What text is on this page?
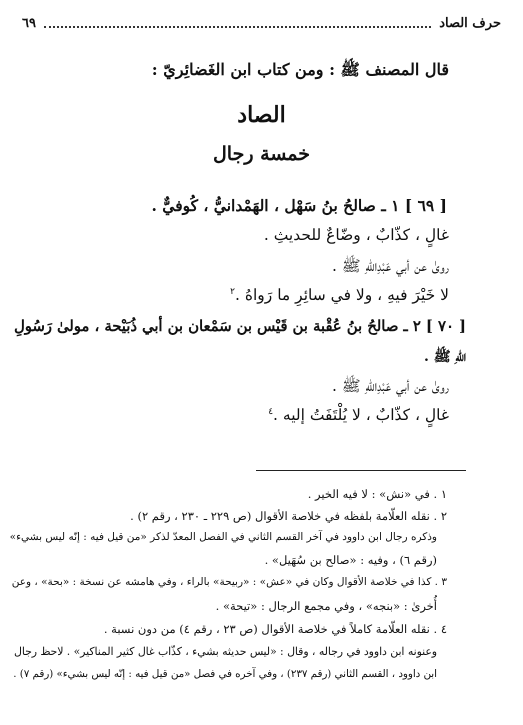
حرف الصاد
٦٩
قال المصنف ﷺ : ومن كتاب ابن الغَضائِريّ :
الصاد
خمسة رجال
[ ٦٩ ] ١ ـ صالحُ بنُ سَهْل ، الهَمْدانيُّ ، كُوفيٌّ .
غالٍ ، كذّابٌ ، وضّاعٌ للحديثِ .
روىٰ عن أبي عَبْدِاللهِ ﷺ .
لا خَيْرَ فيهِ ، ولا في سائِرِ ما رَواهُ .$^٢$
[ ٧٠ ] ٢ ـ صالحُ بنُ عُقْبة بن قَيْس بن سَمْعان بن أبي ذُبَيْحة ، مولىٰ رَسُولِ
اللهِ ﷺ .
روىٰ عن أبي عَبْدِاللهِ ﷺ .
غالٍ ، كذّابٌ ، لا يُلْتَفَتُ إليه .$^٤$
١ . في «نش» : لا فيه الخير .
٢ . نقله العلّامة بلفظه في خلاصة الأقوال (ص ٢٢٩ ـ ٢٣٠ ، رقم ٢) .
وذكره رجال ابن داوود في آخر القسم الثاني في الفصل المعدّ لذكر «من قيل فيه : إنّه ليس بشيء»
(رقم ٦) ، وفيه : «صالح بن سُهَيل» .
٣ . كذا في خلاصة الأقوال وكان في «عش» : «ربيحة» بالراء ، وفي هامشه عن نسخة : «بحة» ، وعن
أُخرىٰ : «بنجه» ، وفي مجمع الرجال : «تيحة» .
٤ . نقله العلّامة كاملاً في خلاصة الأقوال (ص ٢٣ ، رقم ٤) من دون نسبة .
وعنونه ابن داوود في رجاله ، وقال : «ليس حديثه بشيء ، كذّاب غال كثير المناكير» . لاحظ رجال
ابن داوود ، القسم الثاني (رقم ٢٣٧) ، وفي آخره في فصل «من قيل فيه : إنّه ليس بشيء» (رقم ٧) .
